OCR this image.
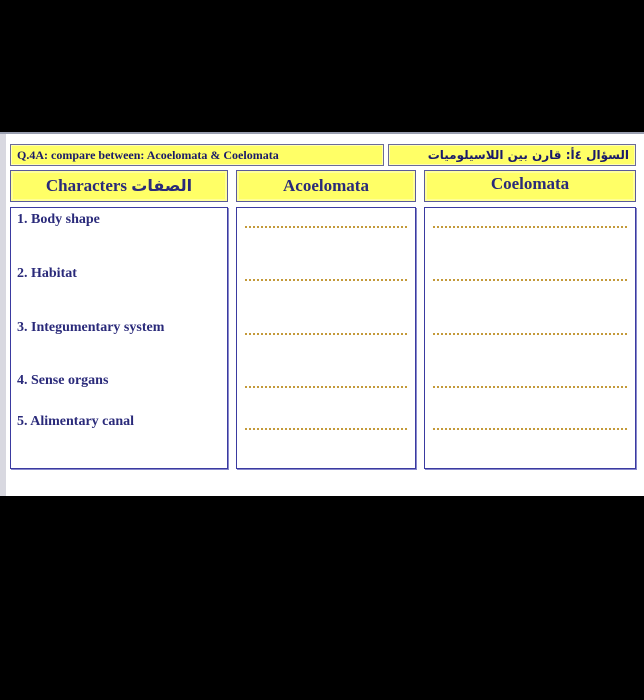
Q.4A: compare between: Acoelomata & Coelomata	السؤال ٤أ: قارن بين اللاسيلوميات
Characters الصفات	Acoelomata	Coelomata
1. Body shape
2. Habitat
3. Integumentary system
4. Sense organs
5. Alimentary canal
